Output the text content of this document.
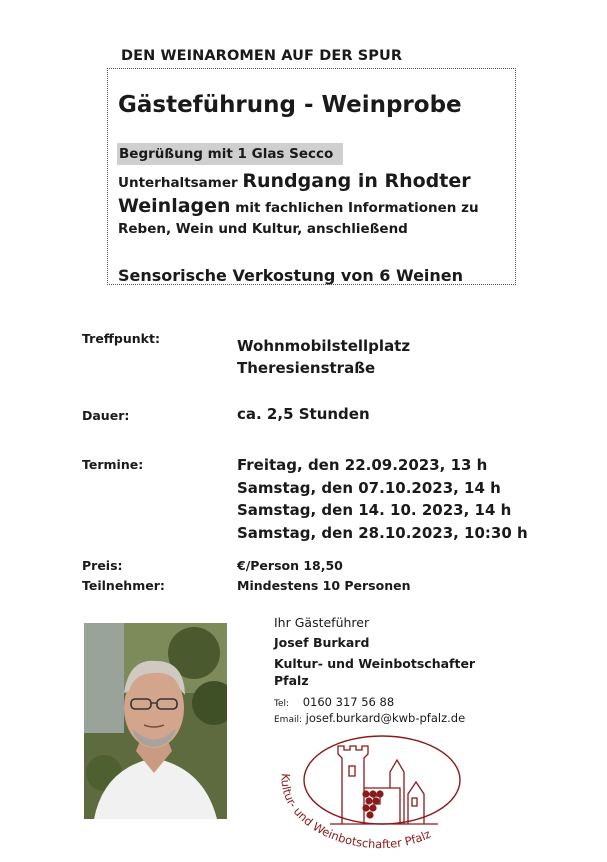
DEN WEINAROMEN AUF DER SPUR
Gästeführung - Weinprobe
Begrüßung mit 1 Glas Secco
Unterhaltsamer Rundgang in Rhodter
Weinlagen mit fachlichen Informationen zu
Reben, Wein und Kultur, anschließend
Sensorische Verkostung von 6 Weinen
Treffpunkt:	Wohnmobilstellplatz
Theresienstraße
Dauer:	ca. 2,5 Stunden
Termine:	Freitag, den 22.09.2023, 13 h
Samstag, den 07.10.2023, 14 h
Samstag, den 14. 10. 2023, 14 h
Samstag, den 28.10.2023, 10:30 h
Preis:	€/Person 18,50
Teilnehmer:	Mindestens 10 Personen
Ihr Gästeführer
Josef Burkard
Kultur- und Weinbotschafter
Pfalz
Tel: 0160 317 56 88
Email: josef.burkard@kwb-pfalz.de
Kultur- und Weinbotschafter Pfalz
